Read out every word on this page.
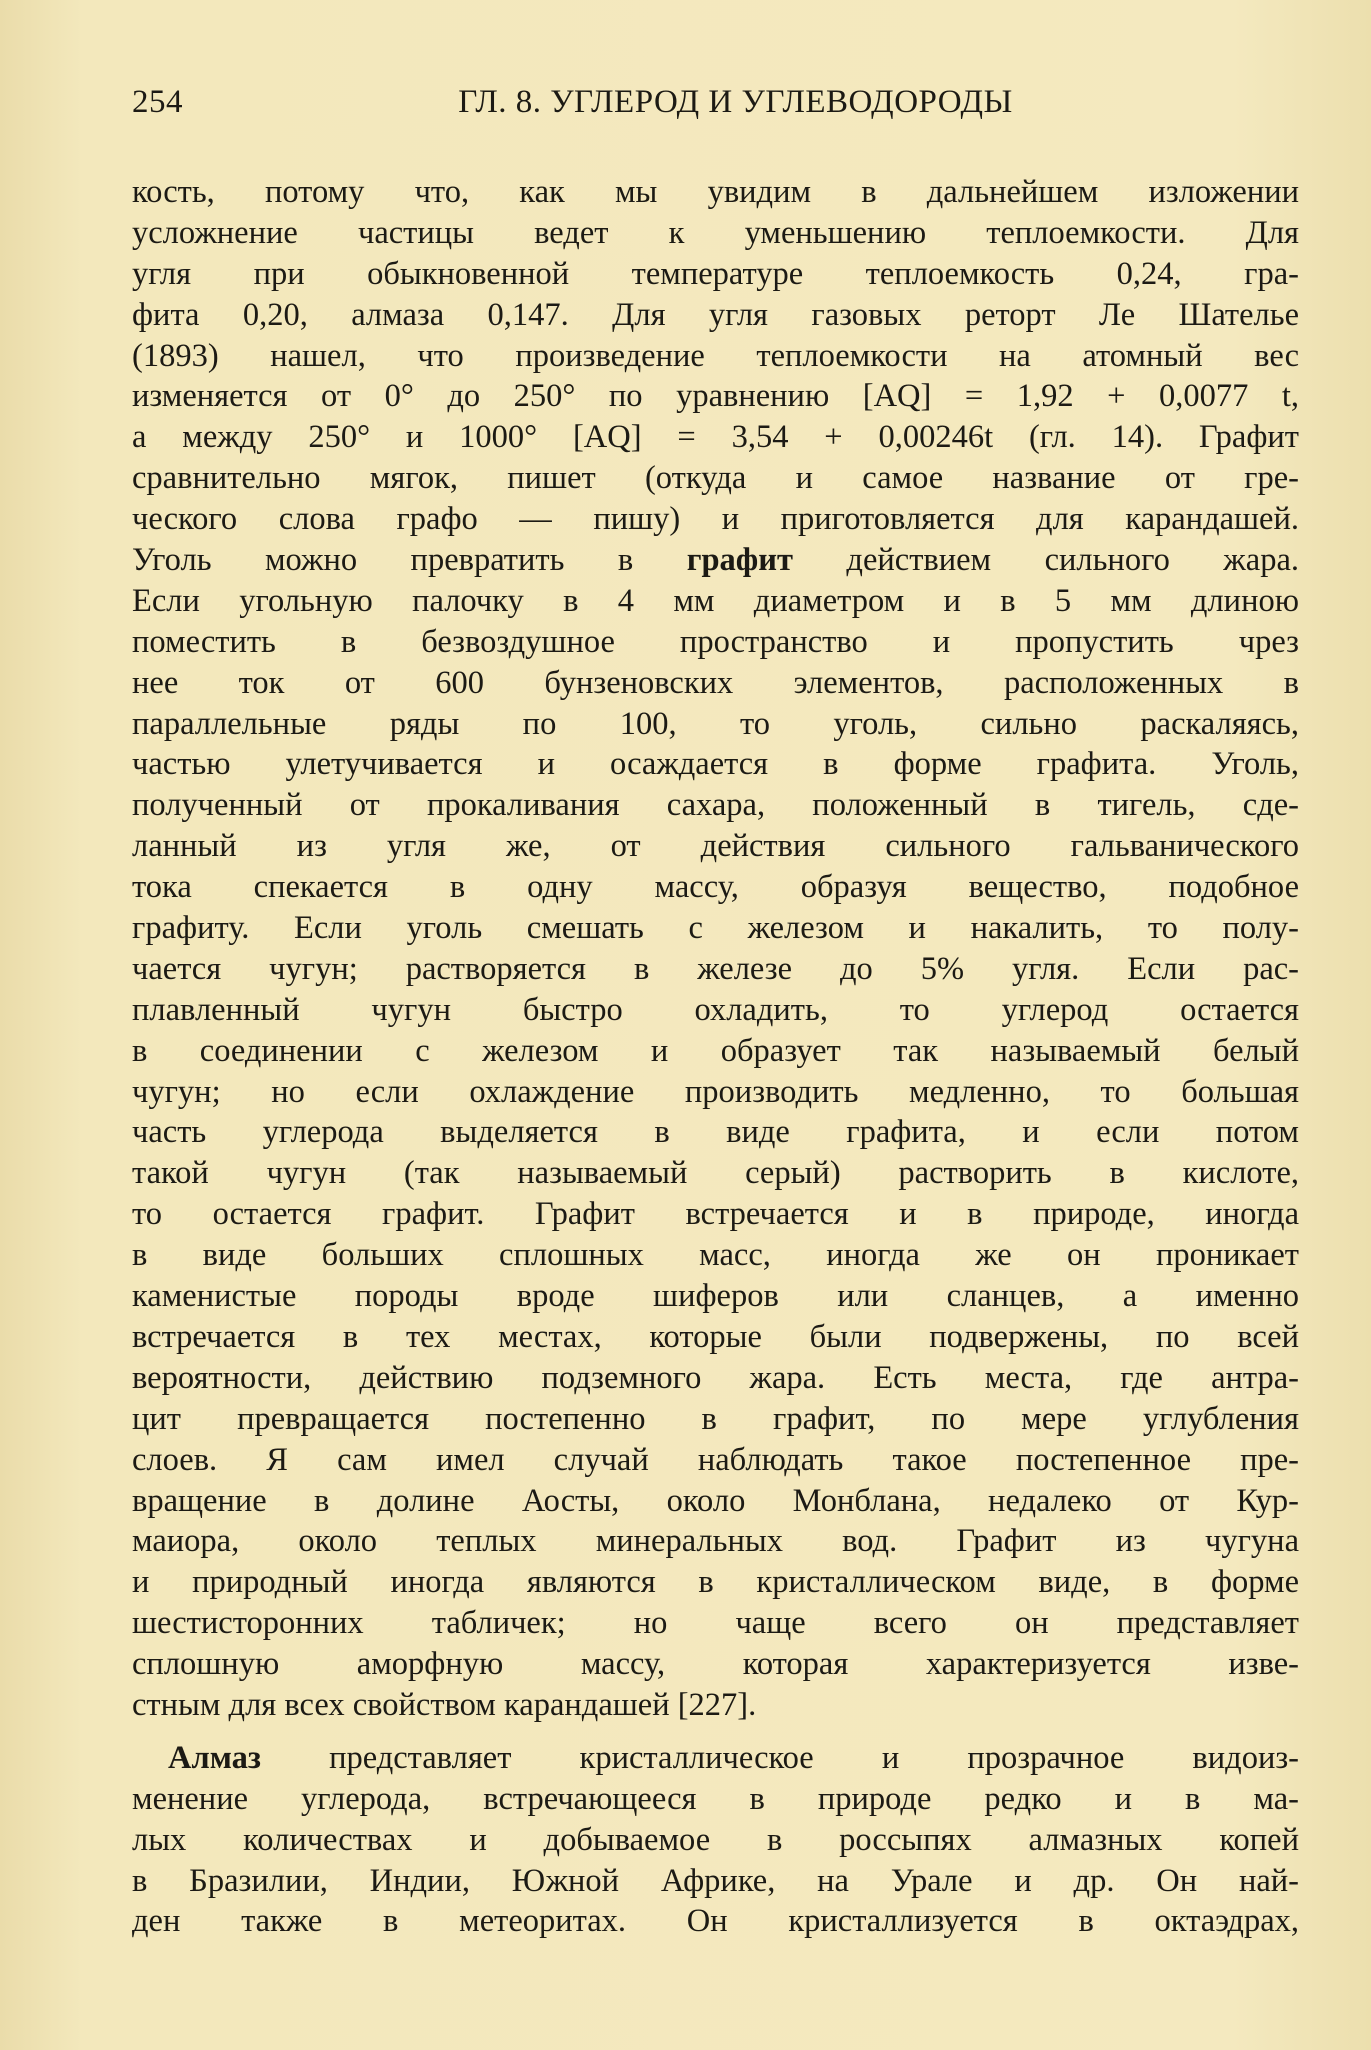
254	ГЛ. 8. УГЛЕРОД И УГЛЕВОДОРОДЫ
кость, потому что, как мы увидим в дальнейшем изложении
усложнение частицы ведет к уменьшению теплоемкости. Для
угля при обыкновенной температуре теплоемкость 0,24, гра-
фита 0,20, алмаза 0,147. Для угля газовых реторт Ле Шателье
(1893) нашел, что произведение теплоемкости на атомный вес
изменяется от 0° до 250° по уравнению [AQ] = 1,92 + 0,0077 t,
а между 250° и 1000° [AQ] = 3,54 + 0,00246t (гл. 14). Графит
сравнительно мягок, пишет (откуда и самое название от гре-
ческого слова графо — пишу) и приготовляется для карандашей.
Уголь можно превратить в графит действием сильного жара.
Если угольную палочку в 4 мм диаметром и в 5 мм длиною
поместить в безвоздушное пространство и пропустить чрез
нее ток от 600 бунзеновских элементов, расположенных в
параллельные ряды по 100, то уголь, сильно раскаляясь,
частью улетучивается и осаждается в форме графита. Уголь,
полученный от прокаливания сахара, положенный в тигель, сде-
ланный из угля же, от действия сильного гальванического
тока спекается в одну массу, образуя вещество, подобное
графиту. Если уголь смешать с железом и накалить, то полу-
чается чугун; растворяется в железе до 5% угля. Если рас-
плавленный чугун быстро охладить, то углерод остается
в соединении с железом и образует так называемый белый
чугун; но если охлаждение производить медленно, то большая
часть углерода выделяется в виде графита, и если потом
такой чугун (так называемый серый) растворить в кислоте,
то остается графит. Графит встречается и в природе, иногда
в виде больших сплошных масс, иногда же он проникает
каменистые породы вроде шиферов или сланцев, а именно
встречается в тех местах, которые были подвержены, по всей
вероятности, действию подземного жара. Есть места, где антра-
цит превращается постепенно в графит, по мере углубления
слоев. Я сам имел случай наблюдать такое постепенное пре-
вращение в долине Аосты, около Монблана, недалеко от Кур-
маиора, около теплых минеральных вод. Графит из чугуна
и природный иногда являются в кристаллическом виде, в форме
шестисторонних табличек; но чаще всего он представляет
сплошную аморфную массу, которая характеризуется изве-
стным для всех свойством карандашей [227].
Алмаз представляет кристаллическое и прозрачное видоиз-
менение углерода, встречающееся в природе редко и в ма-
лых количествах и добываемое в россыпях алмазных копей
в Бразилии, Индии, Южной Африке, на Урале и др. Он най-
ден также в метеоритах. Он кристаллизуется в октаэдрах,
